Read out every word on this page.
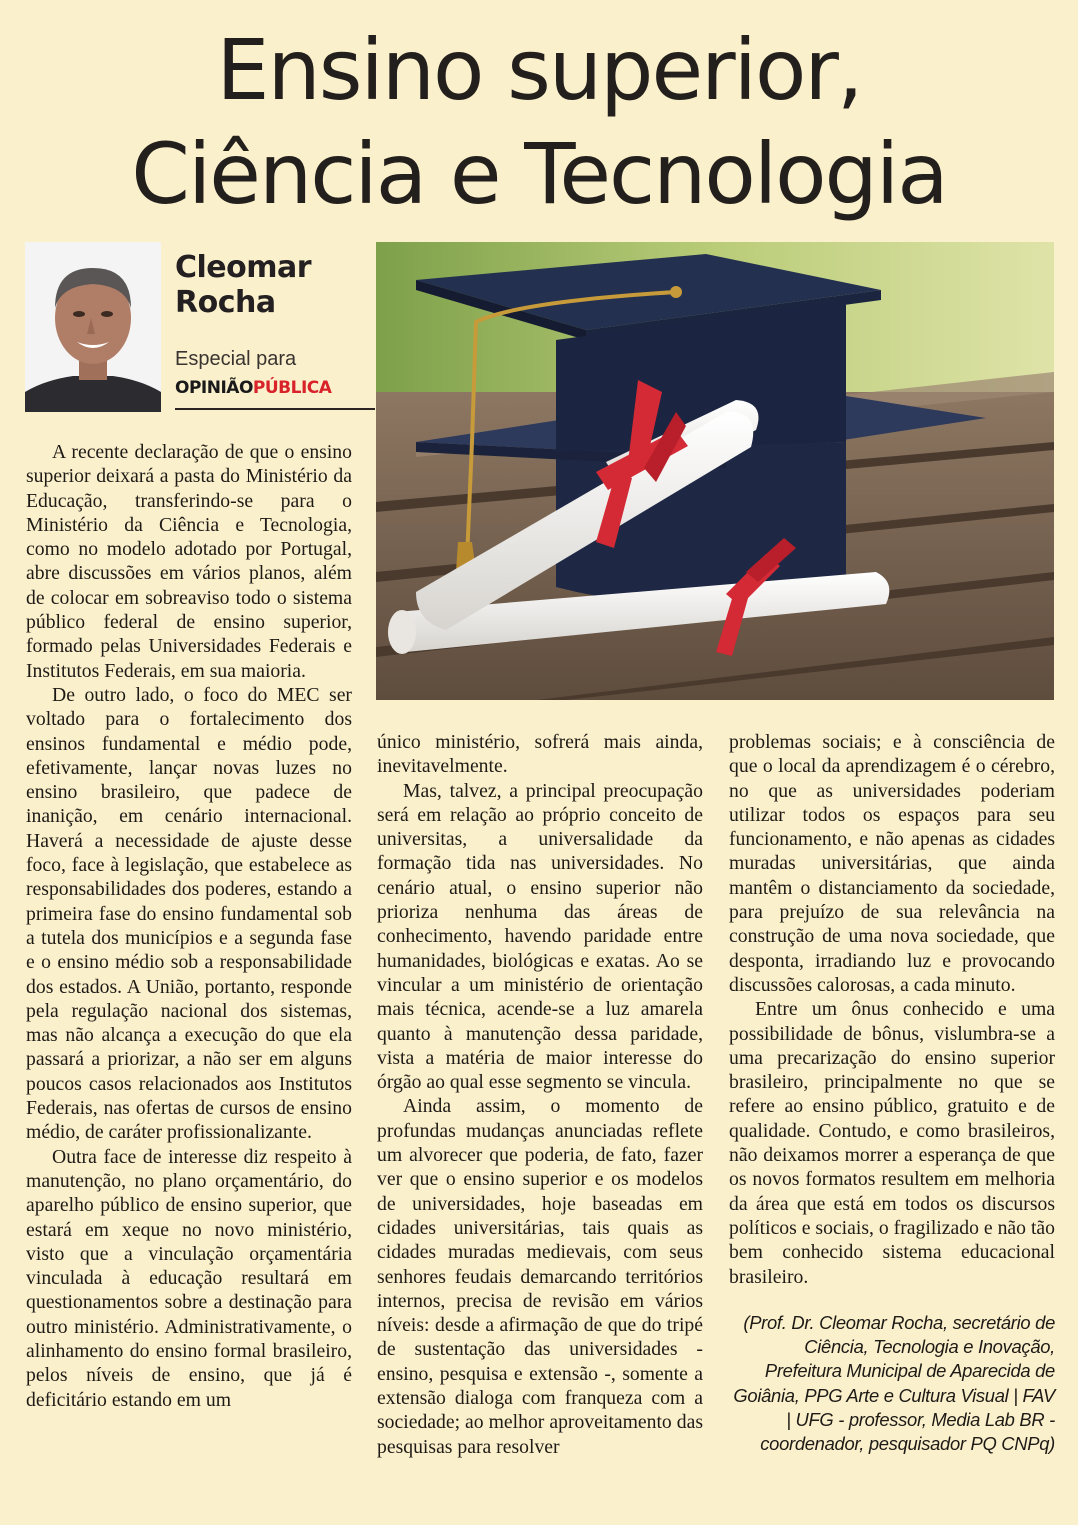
Ensino superior,
Ciência e Tecnologia
Cleomar
Rocha
Especial para
OPINIÃOPÚBLICA

A recente declaração de que o ensino superior deixará a pasta do Ministério da Educação, transferindo-se para o Ministério da Ciência e Tecnologia, como no modelo adotado por Portugal, abre discussões em vários planos, além de colocar em sobreaviso todo o sistema público federal de ensino superior, formado pelas Universidades Federais e Institutos Federais, em sua maioria.

De outro lado, o foco do MEC ser voltado para o fortalecimento dos ensinos fundamental e médio pode, efetivamente, lançar novas luzes no ensino brasileiro, que padece de inanição, em cenário internacional. Haverá a necessidade de ajuste desse foco, face à legislação, que estabelece as responsabilidades dos poderes, estando a primeira fase do ensino fundamental sob a tutela dos municípios e a segunda fase e o ensino médio sob a responsabilidade dos estados. A União, portanto, responde pela regulação nacional dos sistemas, mas não alcança a execução do que ela passará a priorizar, a não ser em alguns poucos casos relacionados aos Institutos Federais, nas ofertas de cursos de ensino médio, de caráter profissionalizante.

Outra face de interesse diz respeito à manutenção, no plano orçamentário, do aparelho público de ensino superior, que estará em xeque no novo ministério, visto que a vinculação orçamentária vinculada à educação resultará em questionamentos sobre a destinação para outro ministério. Administrativamente, o alinhamento do ensino formal brasileiro, pelos níveis de ensino, que já é deficitário estando em um

único ministério, sofrerá mais ainda, inevitavelmente.

Mas, talvez, a principal preocupação será em relação ao próprio conceito de universitas, a universalidade da formação tida nas universidades. No cenário atual, o ensino superior não prioriza nenhuma das áreas de conhecimento, havendo paridade entre humanidades, biológicas e exatas. Ao se vincular a um ministério de orientação mais técnica, acende-se a luz amarela quanto à manutenção dessa paridade, vista a matéria de maior interesse do órgão ao qual esse segmento se vincula.

Ainda assim, o momento de profundas mudanças anunciadas reflete um alvorecer que poderia, de fato, fazer ver que o ensino superior e os modelos de universidades, hoje baseadas em cidades universitárias, tais quais as cidades muradas medievais, com seus senhores feudais demarcando territórios internos, precisa de revisão em vários níveis: desde a afirmação de que do tripé de sustentação das universidades - ensino, pesquisa e extensão -, somente a extensão dialoga com franqueza com a sociedade; ao melhor aproveitamento das pesquisas para resolver

problemas sociais; e à consciência de que o local da aprendizagem é o cérebro, no que as universidades poderiam utilizar todos os espaços para seu funcionamento, e não apenas as cidades muradas universitárias, que ainda mantêm o distanciamento da sociedade, para prejuízo de sua relevância na construção de uma nova sociedade, que desponta, irradiando luz e provocando discussões calorosas, a cada minuto.

Entre um ônus conhecido e uma possibilidade de bônus, vislumbra-se a uma precarização do ensino superior brasileiro, principalmente no que se refere ao ensino público, gratuito e de qualidade. Contudo, e como brasileiros, não deixamos morrer a esperança de que os novos formatos resultem em melhoria da área que está em todos os discursos políticos e sociais, o fragilizado e não tão bem conhecido sistema educacional brasileiro.

(Prof. Dr. Cleomar Rocha, secretário de Ciência, Tecnologia e Inovação, Prefeitura Municipal de Aparecida de Goiânia, PPG Arte e Cultura Visual | FAV | UFG - professor, Media Lab BR - coordenador, pesquisador PQ CNPq)
